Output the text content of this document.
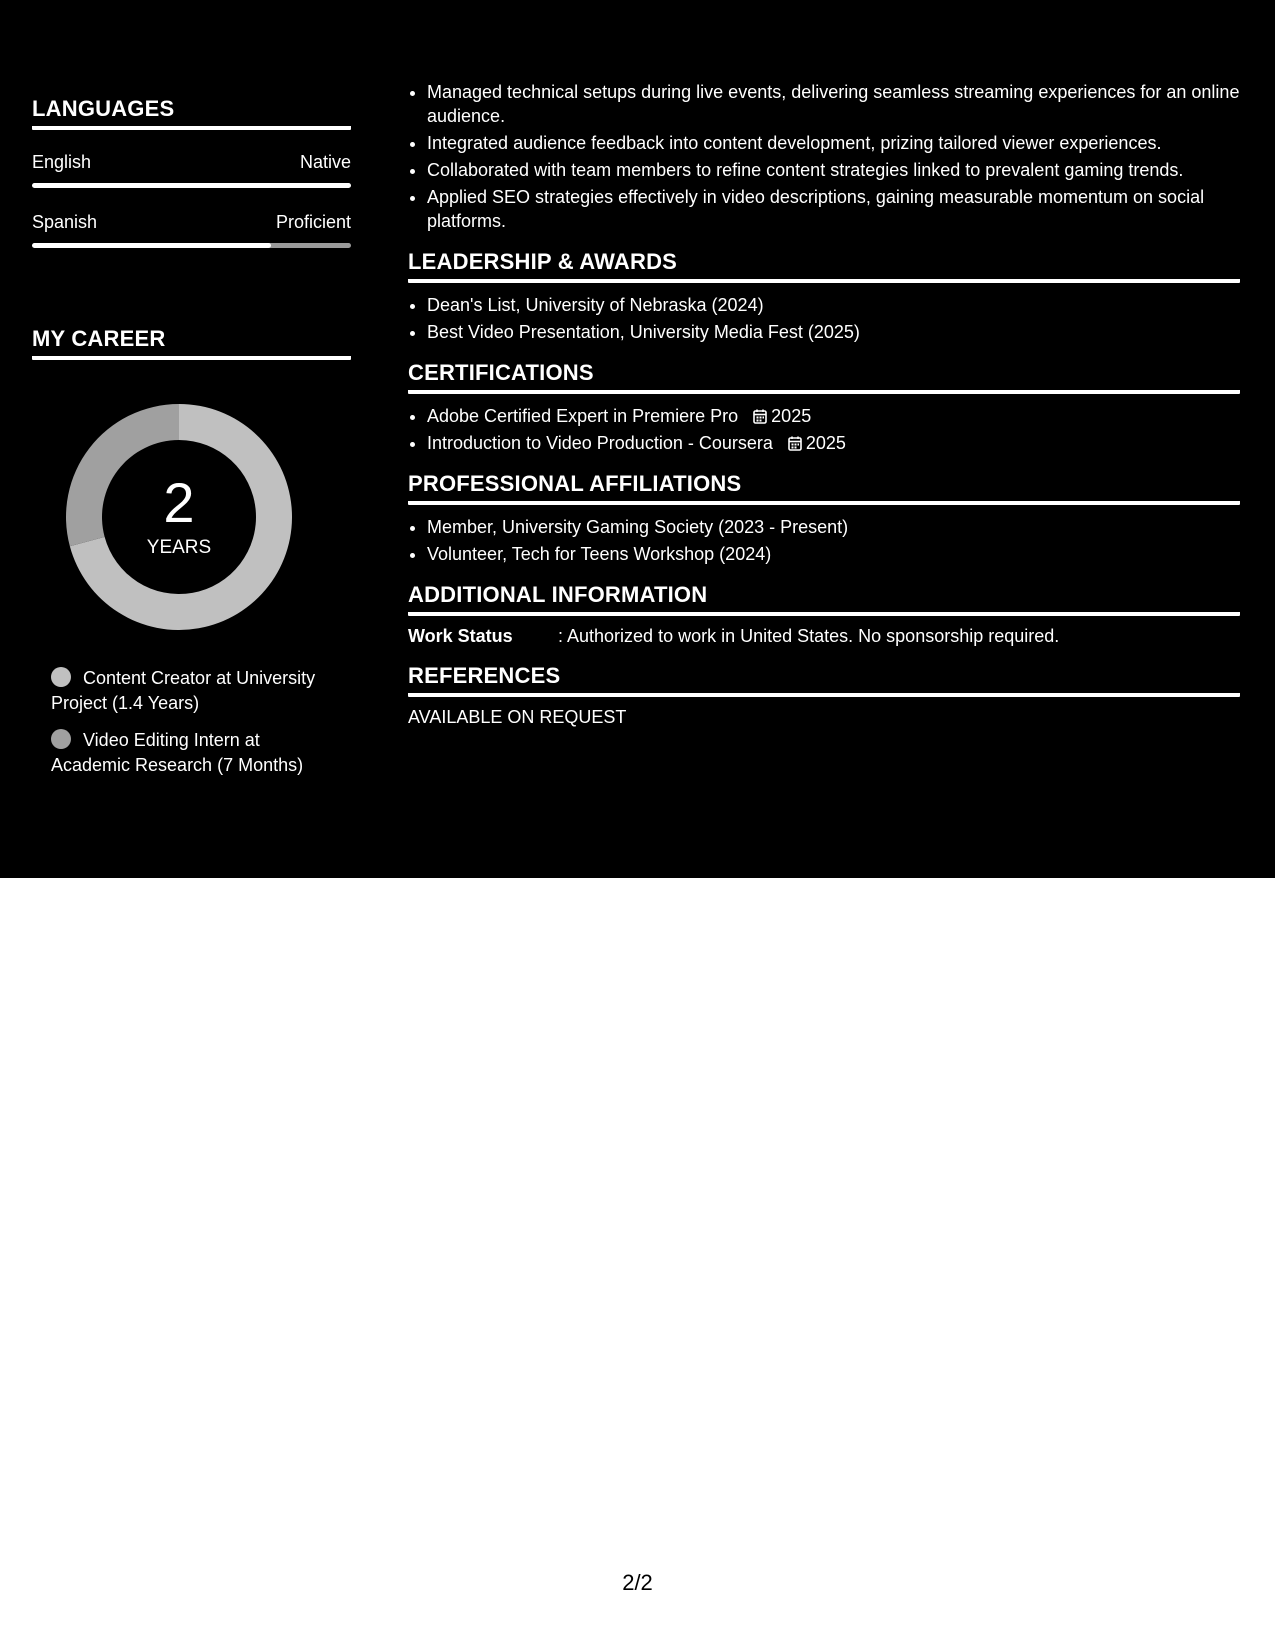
LANGUAGES
English	Native
Spanish	Proficient
MY CAREER
2
YEARS
Content Creator at University Project (1.4 Years)
Video Editing Intern at Academic Research (7 Months)
• Managed technical setups during live events, delivering seamless streaming experiences for an online audience.
• Integrated audience feedback into content development, prizing tailored viewer experiences.
• Collaborated with team members to refine content strategies linked to prevalent gaming trends.
• Applied SEO strategies effectively in video descriptions, gaining measurable momentum on social platforms.
LEADERSHIP & AWARDS
• Dean's List, University of Nebraska (2024)
• Best Video Presentation, University Media Fest (2025)
CERTIFICATIONS
• Adobe Certified Expert in Premiere Pro 2025
• Introduction to Video Production - Coursera 2025
PROFESSIONAL AFFILIATIONS
• Member, University Gaming Society (2023 - Present)
• Volunteer, Tech for Teens Workshop (2024)
ADDITIONAL INFORMATION
Work Status	: Authorized to work in United States. No sponsorship required.
REFERENCES
AVAILABLE ON REQUEST
2/2
